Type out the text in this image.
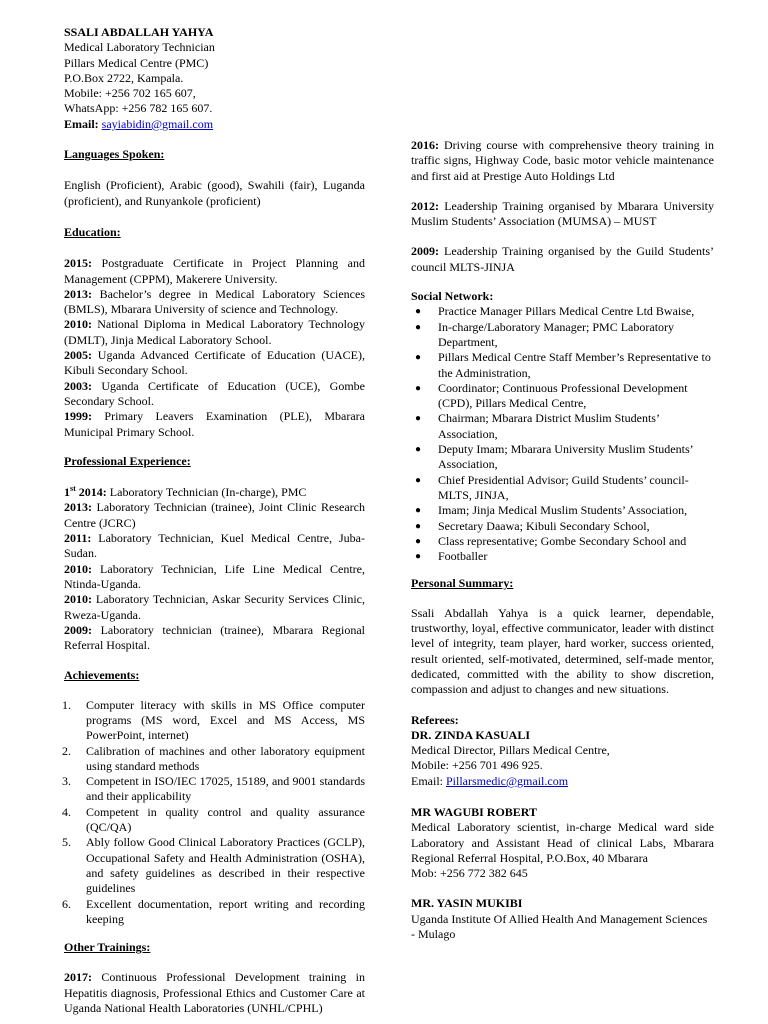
SSALI ABDALLAH YAHYA

Medical Laboratory Technician

Pillars Medical Centre (PMC)

P.O.Box 2722, Kampala.

Mobile: +256 702 165 607,

WhatsApp: +256 782 165 607.

Email: sayiabidin@gmail.com

Languages Spoken:

English (Proficient), Arabic (good), Swahili (fair), Luganda (proficient), and Runyankole (proficient)

Education:

2015: Postgraduate Certificate in Project Planning and Management (CPPM), Makerere University.

2013: Bachelor’s degree in Medical Laboratory Sciences (BMLS), Mbarara University of science and Technology.

2010: National Diploma in Medical Laboratory Technology (DMLT), Jinja Medical Laboratory School.

2005: Uganda Advanced Certificate of Education (UACE), Kibuli Secondary School.

2003: Uganda Certificate of Education (UCE), Gombe Secondary School.

1999: Primary Leavers Examination (PLE), Mbarara Municipal Primary School.

Professional Experience:

1st 2014: Laboratory Technician (In-charge), PMC

2013: Laboratory Technician (trainee), Joint Clinic Research Centre (JCRC)

2011: Laboratory Technician, Kuel Medical Centre, Juba-Sudan.

2010: Laboratory Technician, Life Line Medical Centre, Ntinda-Uganda.

2010: Laboratory Technician, Askar Security Services Clinic, Rweza-Uganda.

2009: Laboratory technician (trainee), Mbarara Regional Referral Hospital.

Achievements:

1.	Computer literacy with skills in MS Office computer programs (MS word, Excel and MS Access, MS PowerPoint, internet)
2.	Calibration of machines and other laboratory equipment using standard methods
3.	Competent in ISO/IEC 17025, 15189, and 9001 standards and their applicability
4.	Competent in quality control and quality assurance (QC/QA)
5.	Ably follow Good Clinical Laboratory Practices (GCLP), Occupational Safety and Health Administration (OSHA), and safety guidelines as described in their respective guidelines
6.	Excellent documentation, report writing and recording keeping

Other Trainings:

2017: Continuous Professional Development training in Hepatitis diagnosis, Professional Ethics and Customer Care at Uganda National Health Laboratories (UNHL/CPHL)

2016: Driving course with comprehensive theory training in traffic signs, Highway Code, basic motor vehicle maintenance and first aid at Prestige Auto Holdings Ltd

2012: Leadership Training organised by Mbarara University Muslim Students’ Association (MUMSA) – MUST

2009: Leadership Training organised by the Guild Students’ council MLTS-JINJA

Social Network:

● Practice Manager Pillars Medical Centre Ltd Bwaise,
● In-charge/Laboratory Manager; PMC Laboratory Department,
● Pillars Medical Centre Staff Member’s Representative to the Administration,
● Coordinator; Continuous Professional Development (CPD), Pillars Medical Centre,
● Chairman; Mbarara District Muslim Students’ Association,
● Deputy Imam; Mbarara University Muslim Students’ Association,
● Chief Presidential Advisor; Guild Students’ council-MLTS, JINJA,
● Imam; Jinja Medical Muslim Students’ Association,
● Secretary Daawa; Kibuli Secondary School,
● Class representative; Gombe Secondary School and
● Footballer

Personal Summary:

Ssali Abdallah Yahya is a quick learner, dependable, trustworthy, loyal, effective communicator, leader with distinct level of integrity, team player, hard worker, success oriented, result oriented, self-motivated, determined, self-made mentor, dedicated, committed with the ability to show discretion, compassion and adjust to changes and new situations.

Referees:

DR. ZINDA KASUALI

Medical Director, Pillars Medical Centre,

Mobile: +256 701 496 925.

Email: Pillarsmedic@gmail.com

MR WAGUBI ROBERT

Medical Laboratory scientist, in-charge Medical ward side Laboratory and Assistant Head of clinical Labs, Mbarara Regional Referral Hospital, P.O.Box, 40 Mbarara

Mob: +256 772 382 645

MR. YASIN MUKIBI

Uganda Institute Of Allied Health And Management Sciences - Mulago
